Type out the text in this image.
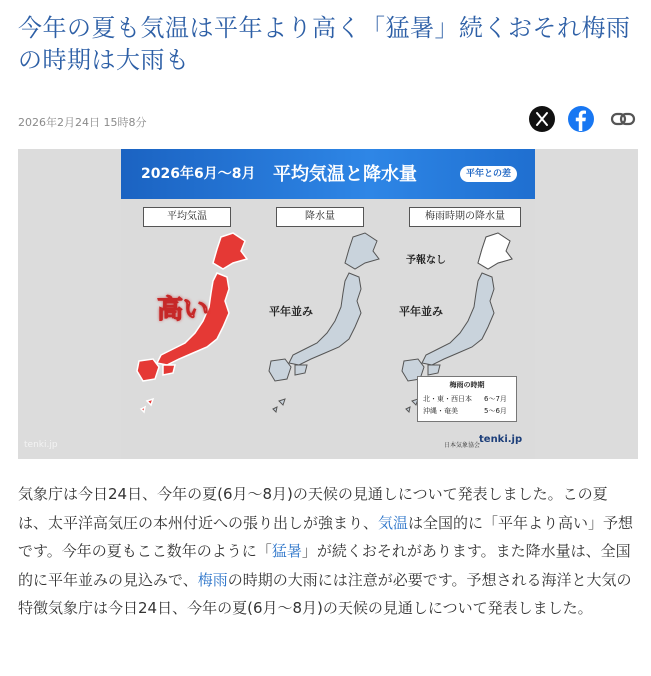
今年の夏も気温は平年より高く「猛暑」続くおそれ梅雨の時期は大雨も
2026年2月24日 15時8分
2026年6月～8月 平均気温と降水量	平年との差
平均気温	降水量	梅雨時期の降水量
高い	平年並み	平年並み
予報なし
梅雨の時期
北・東・西日本 6～7月
沖縄・奄美	5～6月
日本気象協会
tenki.jp
tenki.jp

気象庁は今日24日、今年の夏(6月～8月)の天候の見通しについて発表しました。この夏は、太平洋高気圧の本州付近への張り出しが強まり、気温は全国的に「平年より高い」予想です。今年の夏もここ数年のように「猛暑」が続くおそれがあります。また降水量は、全国的に平年並みの見込みで、梅雨の時期の大雨には注意が必要です。予想される海洋と大気の特徴気象庁は今日24日、今年の夏(6月～8月)の天候の見通しについて発表しました。
